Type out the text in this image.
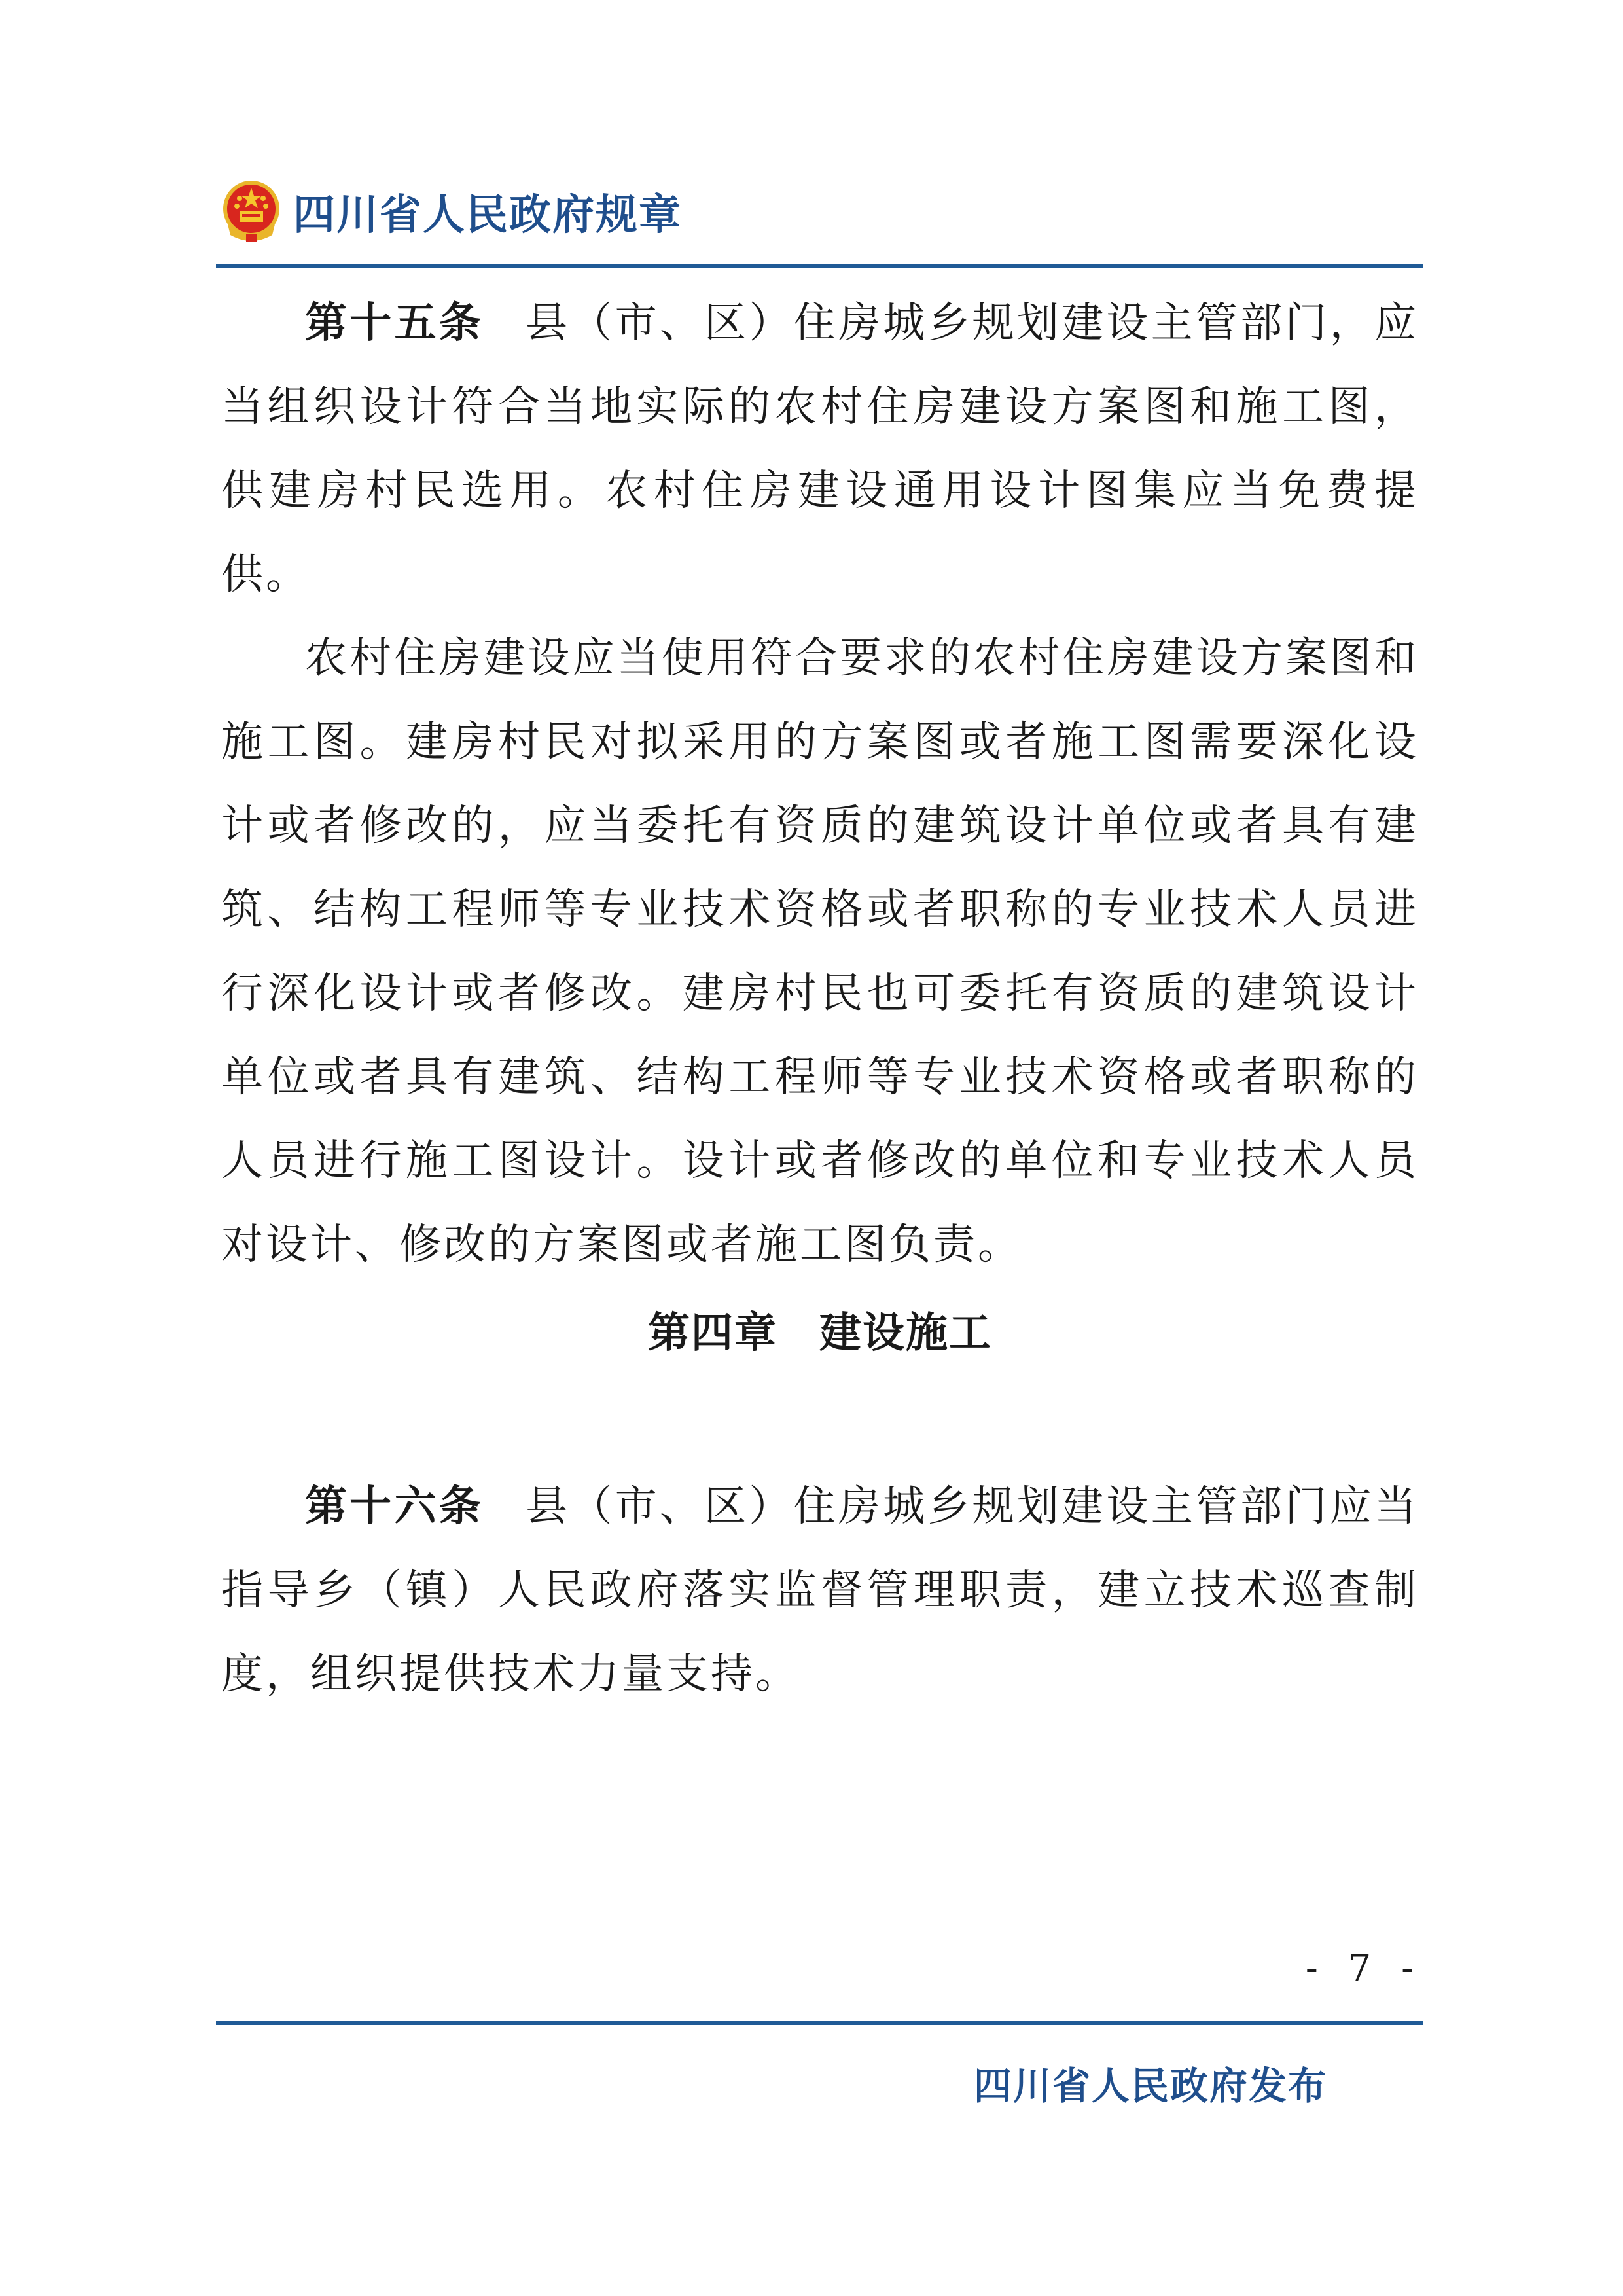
四川省人民政府规章

第十五条 县（市、区）住房城乡规划建设主管部门，应当组织设计符合当地实际的农村住房建设方案图和施工图，供建房村民选用。农村住房建设通用设计图集应当免费提供。

农村住房建设应当使用符合要求的农村住房建设方案图和施工图。建房村民对拟采用的方案图或者施工图需要深化设计或者修改的，应当委托有资质的建筑设计单位或者具有建筑、结构工程师等专业技术资格或者职称的专业技术人员进行深化设计或者修改。建房村民也可委托有资质的建筑设计单位或者具有建筑、结构工程师等专业技术资格或者职称的人员进行施工图设计。设计或者修改的单位和专业技术人员对设计、修改的方案图或者施工图负责。

第四章 建设施工

第十六条 县（市、区）住房城乡规划建设主管部门应当指导乡（镇）人民政府落实监督管理职责，建立技术巡查制度，组织提供技术力量支持。

- 7 -
四川省人民政府发布
